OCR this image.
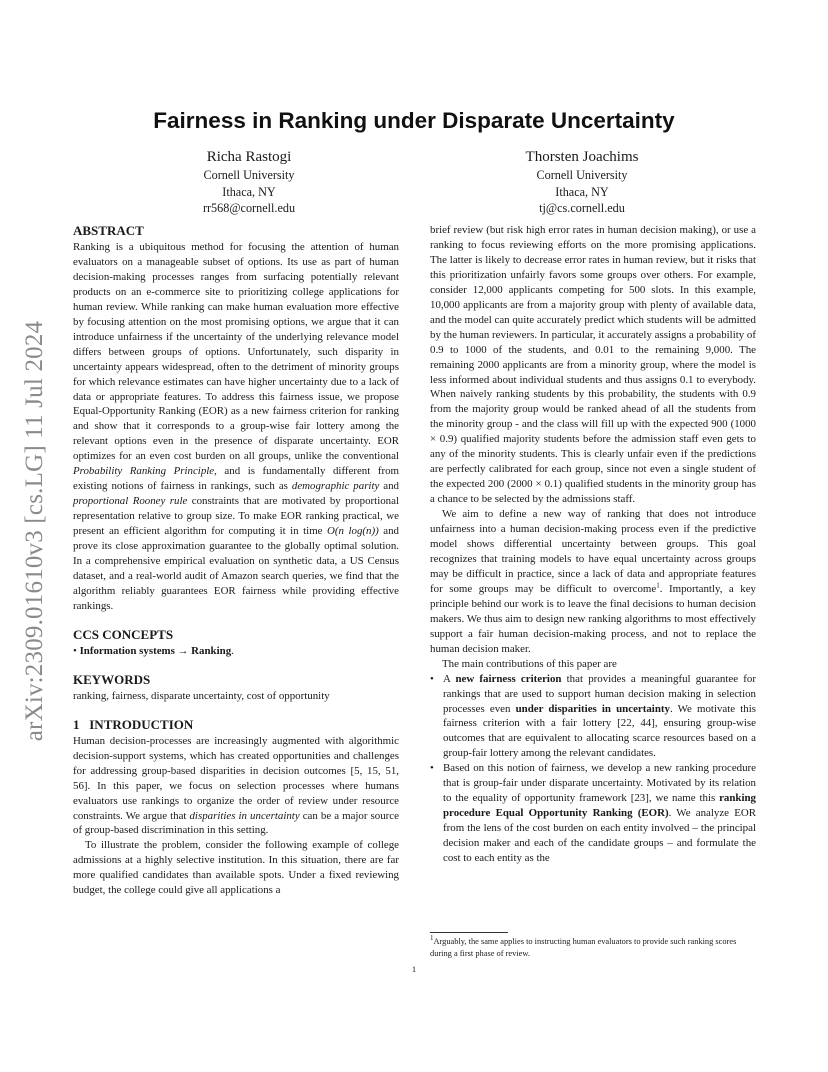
arXiv:2309.01610v3 [cs.LG] 11 Jul 2024
Fairness in Ranking under Disparate Uncertainty
Richa Rastogi
Cornell University
Ithaca, NY
rr568@cornell.edu
Thorsten Joachims
Cornell University
Ithaca, NY
tj@cs.cornell.edu
ABSTRACT

Ranking is a ubiquitous method for focusing the attention of human evaluators on a manageable subset of options. Its use as part of human decision-making processes ranges from surfacing potentially relevant products on an e-commerce site to prioritizing college applications for human review. While ranking can make human evaluation more effective by focusing attention on the most promising options, we argue that it can introduce unfairness if the uncertainty of the underlying relevance model differs between groups of options. Unfortunately, such disparity in uncertainty appears widespread, often to the detriment of minority groups for which relevance estimates can have higher uncertainty due to a lack of data or appropriate features. To address this fairness issue, we propose Equal-Opportunity Ranking (EOR) as a new fairness criterion for ranking and show that it corresponds to a group-wise fair lottery among the relevant options even in the presence of disparate uncertainty. EOR optimizes for an even cost burden on all groups, unlike the conventional Probability Ranking Principle, and is fundamentally different from existing notions of fairness in rankings, such as demographic parity and proportional Rooney rule constraints that are motivated by proportional representation relative to group size. To make EOR ranking practical, we present an efficient algorithm for computing it in time O(n log(n)) and prove its close approximation guarantee to the globally optimal solution. In a comprehensive empirical evaluation on synthetic data, a US Census dataset, and a real-world audit of Amazon search queries, we find that the algorithm reliably guarantees EOR fairness while providing effective rankings.

CCS CONCEPTS

• Information systems → Ranking.

KEYWORDS

ranking, fairness, disparate uncertainty, cost of opportunity

1   INTRODUCTION

Human decision-processes are increasingly augmented with algorithmic decision-support systems, which has created opportunities and challenges for addressing group-based disparities in decision outcomes [5, 15, 51, 56]. In this paper, we focus on selection processes where humans evaluators use rankings to organize the order of review under resource constraints. We argue that disparities in uncertainty can be a major source of group-based discrimination in this setting.

To illustrate the problem, consider the following example of college admissions at a highly selective institution. In this situation, there are far more qualified candidates than available spots. Under a fixed reviewing budget, the college could give all applications a

brief review (but risk high error rates in human decision making), or use a ranking to focus reviewing efforts on the more promising applications. The latter is likely to decrease error rates in human review, but it risks that this prioritization unfairly favors some groups over others. For example, consider 12,000 applicants competing for 500 slots. In this example, 10,000 applicants are from a majority group with plenty of available data, and the model can quite accurately predict which students will be admitted by the human reviewers. In particular, it accurately assigns a probability of 0.9 to 1000 of the students, and 0.01 to the remaining 9,000. The remaining 2000 applicants are from a minority group, where the model is less informed about individual students and thus assigns 0.1 to everybody. When naively ranking students by this probability, the students with 0.9 from the majority group would be ranked ahead of all the students from the minority group - and the class will fill up with the expected 900 (1000 × 0.9) qualified majority students before the admission staff even gets to any of the minority students. This is clearly unfair even if the predictions are perfectly calibrated for each group, since not even a single student of the expected 200 (2000 × 0.1) qualified students in the minority group has a chance to be selected by the admissions staff.

We aim to define a new way of ranking that does not introduce unfairness into a human decision-making process even if the predictive model shows differential uncertainty between groups. This goal recognizes that training models to have equal uncertainty across groups may be difficult in practice, since a lack of data and appropriate features for some groups may be difficult to overcome$^1$. Importantly, a key principle behind our work is to leave the final decisions to human decision makers. We thus aim to design new ranking algorithms to most effectively support a fair human decision-making process, and not to replace the human decision maker.

The main contributions of this paper are

• A new fairness criterion that provides a meaningful guarantee for rankings that are used to support human decision making in selection processes even under disparities in uncertainty. We motivate this fairness criterion with a fair lottery [22, 44], ensuring group-wise outcomes that are equivalent to allocating scarce resources based on a group-fair lottery among the relevant candidates.
• Based on this notion of fairness, we develop a new ranking procedure that is group-fair under disparate uncertainty. Motivated by its relation to the equality of opportunity framework [23], we name this ranking procedure Equal Opportunity Ranking (EOR). We analyze EOR from the lens of the cost burden on each entity involved – the principal decision maker and each of the candidate groups – and formulate the cost to each entity as the
$^1$Arguably, the same applies to instructing human evaluators to provide such ranking scores during a first phase of review.
1
